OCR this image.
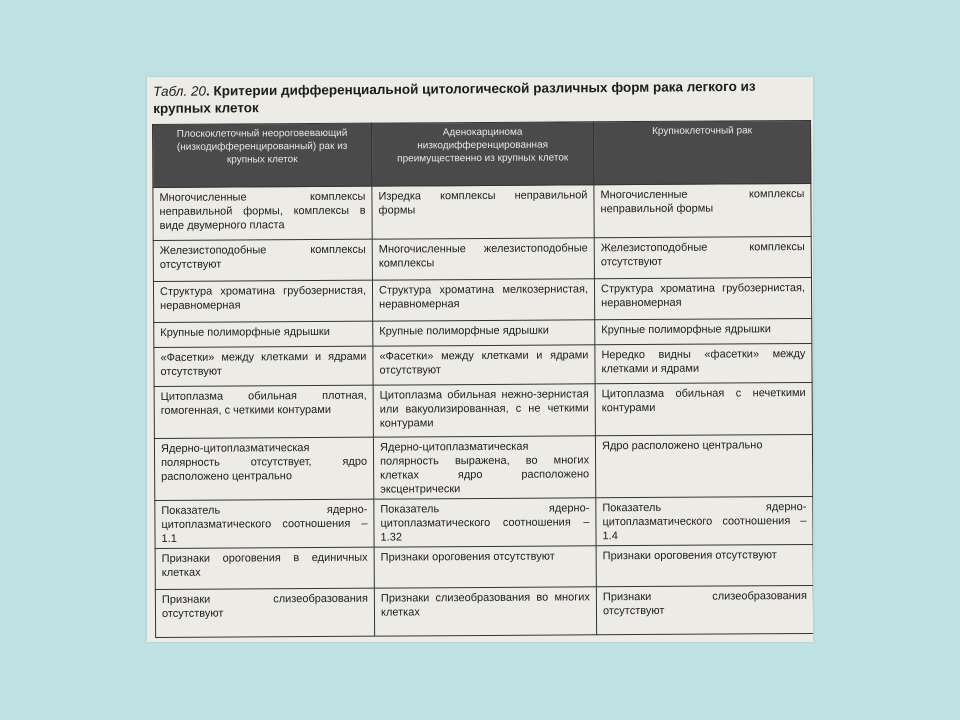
Табл. 20. Критерии дифференциальной цитологической различных форм рака легкого из крупных клеток
Плоскоклеточный неороговевающий (низкодифференцированный) рак из крупных клеток	Аденокарцинома низкодифференцированная преимущественно из крупных клеток	Крупноклеточный рак
Многочисленные комплексы неправильной формы, комплексы в виде двумерного пласта	Изредка комплексы неправильной формы	Многочисленные комплексы неправильной формы
Железистоподобные комплексы отсутствуют	Многочисленные железистоподобные комплексы	Железистоподобные комплексы отсутствуют
Структура хроматина грубозернистая, неравномерная	Структура хроматина мелкозернистая, неравномерная	Структура хроматина грубозернистая, неравномерная
Крупные полиморфные ядрышки	Крупные полиморфные ядрышки	Крупные полиморфные ядрышки
«Фасетки» между клетками и ядрами отсутствуют	«Фасетки» между клетками и ядрами отсутствуют	Нередко видны «фасетки» между клетками и ядрами
Цитоплазма обильная плотная, гомогенная, с четкими контурами	Цитоплазма обильная нежно-зернистая или вакуолизированная, с не четкими контурами	Цитоплазма обильная с нечеткими контурами
Ядерно-цитоплазматическая полярность отсутствует, ядро расположено центрально	Ядерно-цитоплазматическая полярность выражена, во многих клетках ядро расположено эксцентрически	Ядро расположено центрально
Показатель ядерно-цитоплазматического соотношения – 1.1	Показатель ядерно-цитоплазматического соотношения – 1.32	Показатель ядерно-цитоплазматического соотношения – 1.4
Признаки ороговения в единичных клетках	Признаки ороговения отсутствуют	Признаки ороговения отсутствуют
Признаки слизеобразования отсутствуют	Признаки слизеобразования во многих клетках	Признаки слизеобразования отсутствуют
